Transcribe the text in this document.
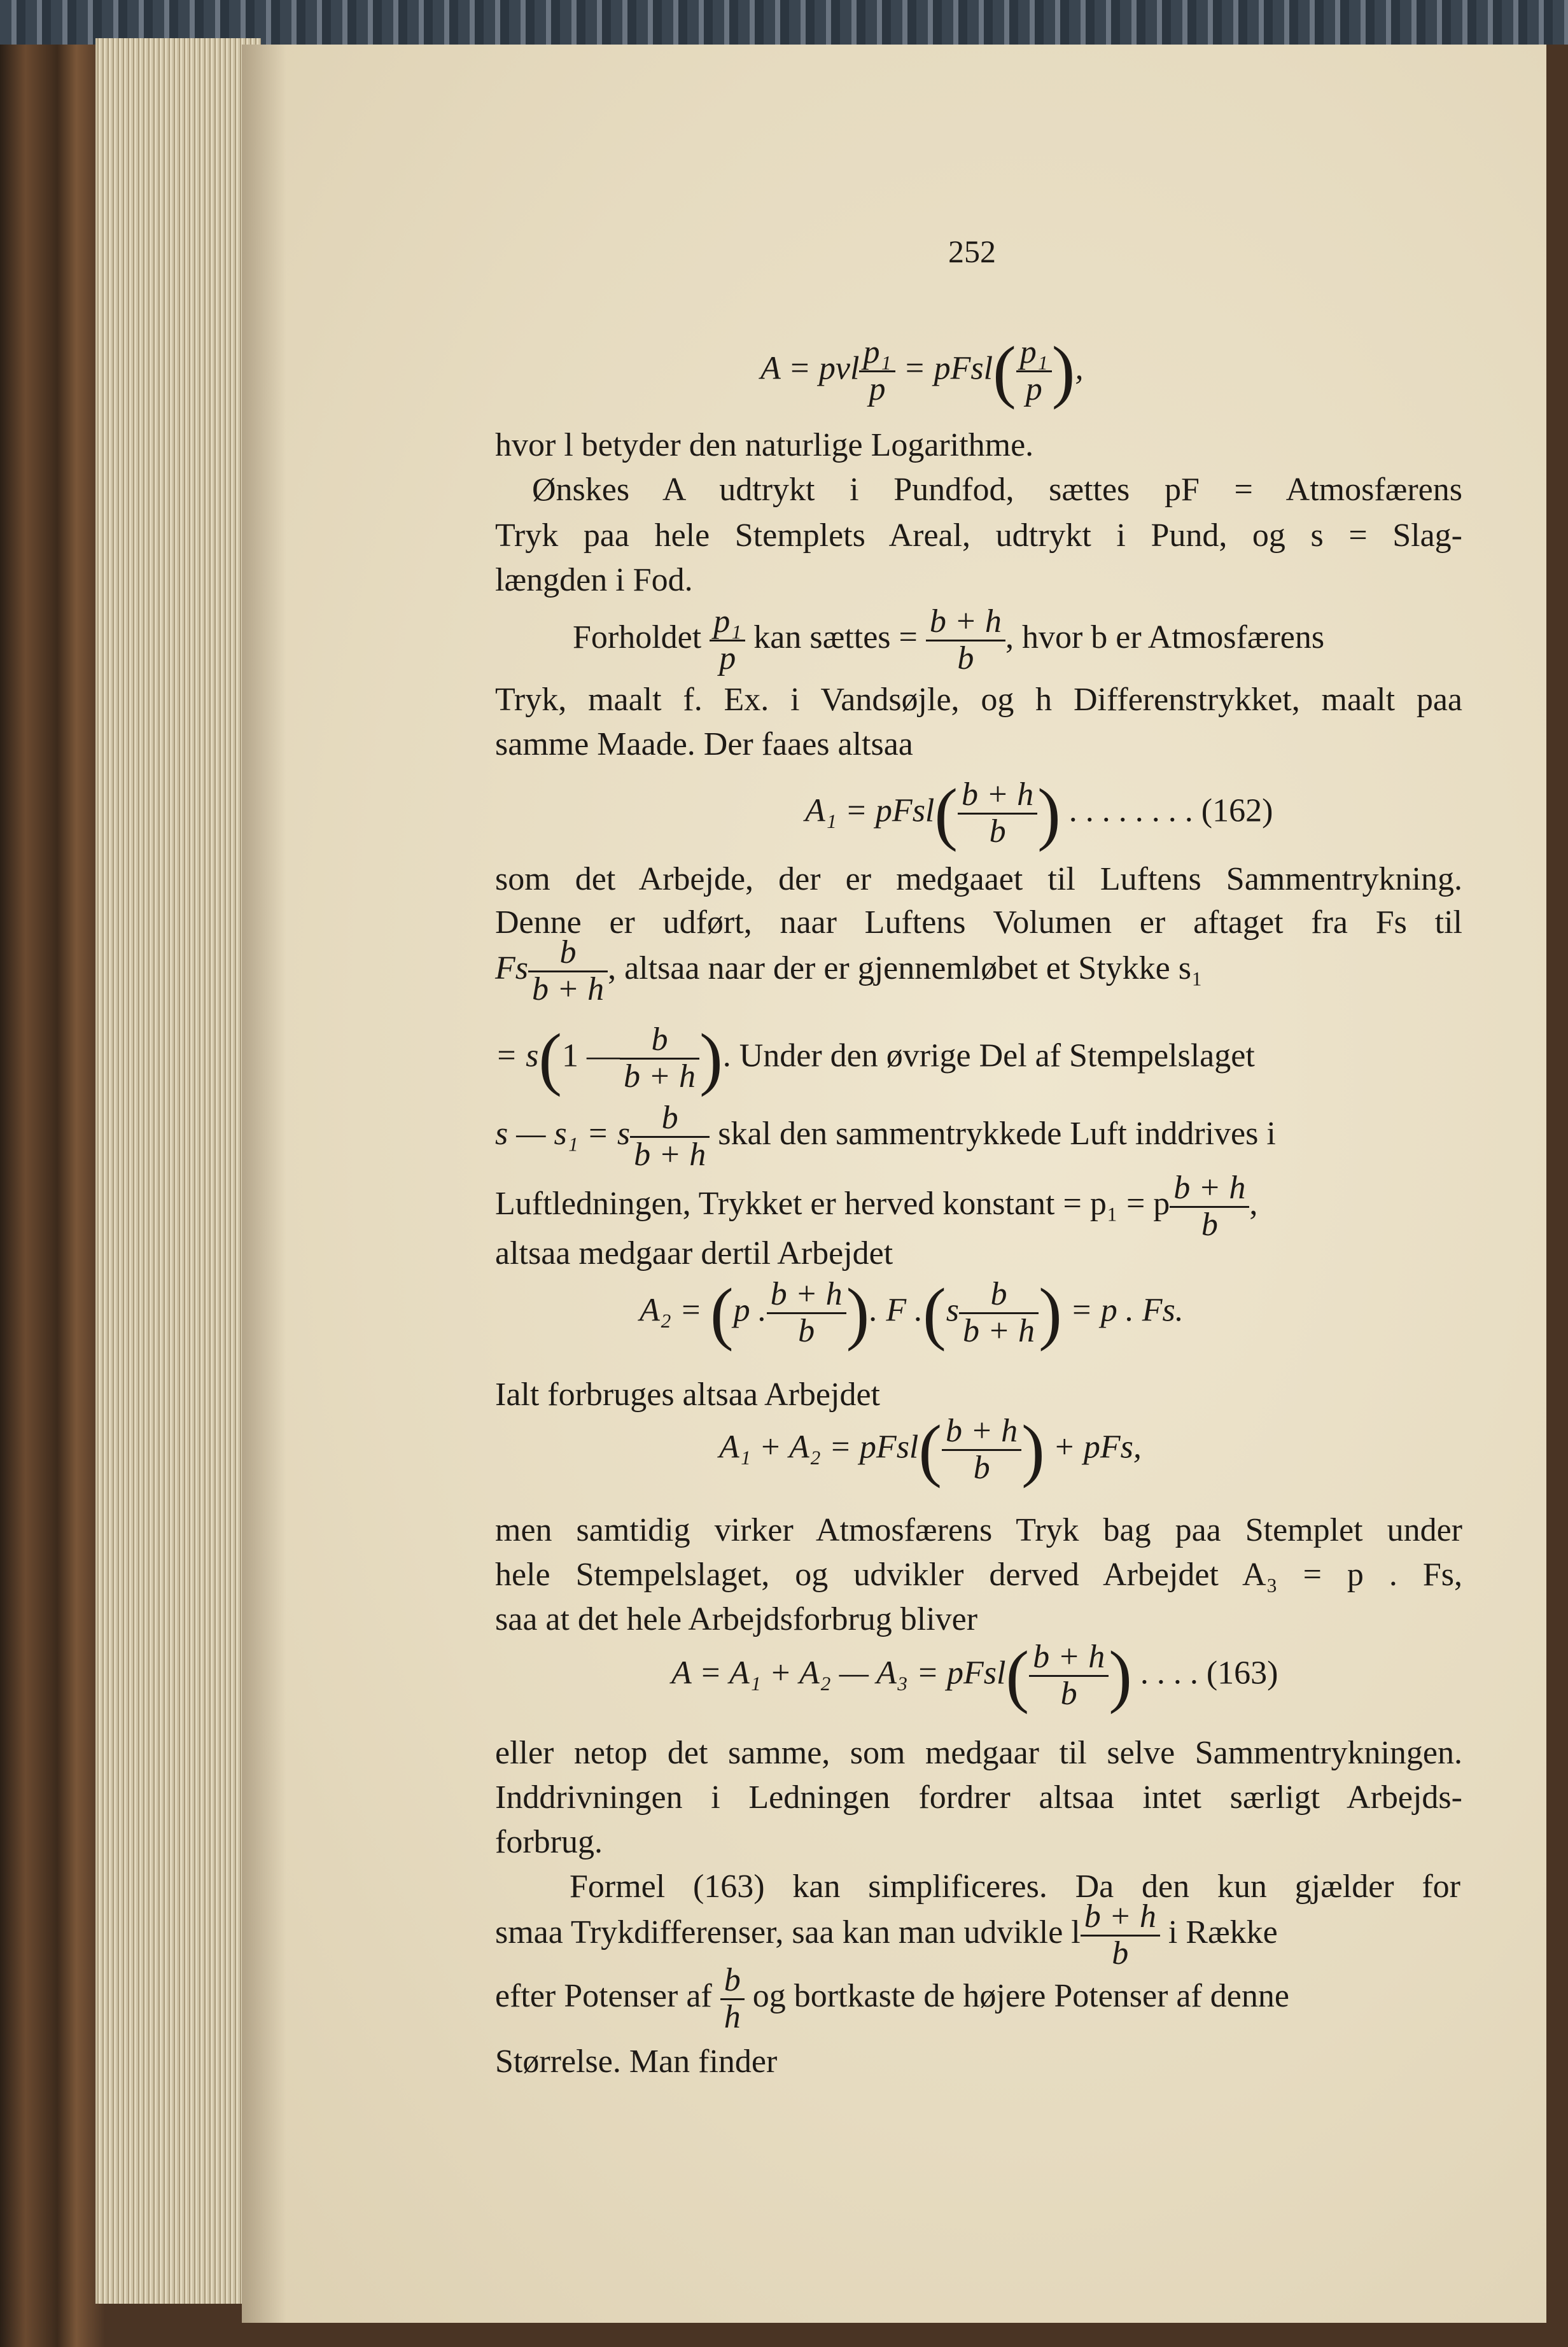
252
A = pvl $\frac{\text{p₁}}{p}$ = pFsl( $\frac{\text{p₁}}{p}$ ),
hvor l betyder den naturlige Logarithme.
Ønskes A udtrykt i Pundfod, sættes pF = Atmosfærens
Tryk paa hele Stemplets Areal, udtrykt i Pund, og s = Slag-
længden i Fod.
Forholdet $\frac{\text{p₁}}{p}$ kan sættes = $\frac{b + h}{b}$ , hvor b er Atmosfærens
Tryk, maalt f. Ex. i Vandsøjle, og h Differenstrykket, maalt paa
samme Maade. Der faaes altsaa
A₁ = pFsl( $\frac{b + h}{b}$ ) . . . . . . . . (162)
som det Arbejde, der er medgaaet til Luftens Sammentrykning.
Denne er udført, naar Luftens Volumen er aftaget fra Fs til
Fs $\frac{b}{b + h}$ , altsaa naar der er gjennemløbet et Stykke s₁
= s(1 — $\frac{b}{b + h}$ ). Under den øvrige Del af Stempelslaget
s — s₁ = s $\frac{b}{b + h}$ skal den sammentrykkede Luft inddrives i
Luftledningen, Trykket er herved konstant = p₁ = p $\frac{b + h}{b}$ ,
altsaa medgaar dertil Arbejdet
A₂ = (p . $\frac{b + h}{b}$ ). F $.(s \frac{b}{b + h}$ ) = p . Fs.
Ialt forbruges altsaa Arbejdet
A₁ + A₂ = pFsl( $\frac{b + h}{b}$ ) + pFs,
men samtidig virker Atmosfærens Tryk bag paa Stemplet under
hele Stempelslaget, og udvikler derved Arbejdet A₃ = p . Fs,
saa at det hele Arbejdsforbrug bliver
A = A₁ + A₂ — A₃ = pFsl( $\frac{b + h}{b}$ ) . . . . (163)
eller netop det samme, som medgaar til selve Sammentrykningen.
Inddrivningen i Ledningen fordrer altsaa intet særligt Arbejds-
forbrug.
Formel (163) kan simplificeres. Da den kun gjælder for
smaa Trykdifferenser, saa kan man udvikle l $\frac{b + h}{b}$ i Række
efter Potenser af $\frac{b}{h}$ og bortkaste de højere Potenser af denne
Størrelse. Man finder
